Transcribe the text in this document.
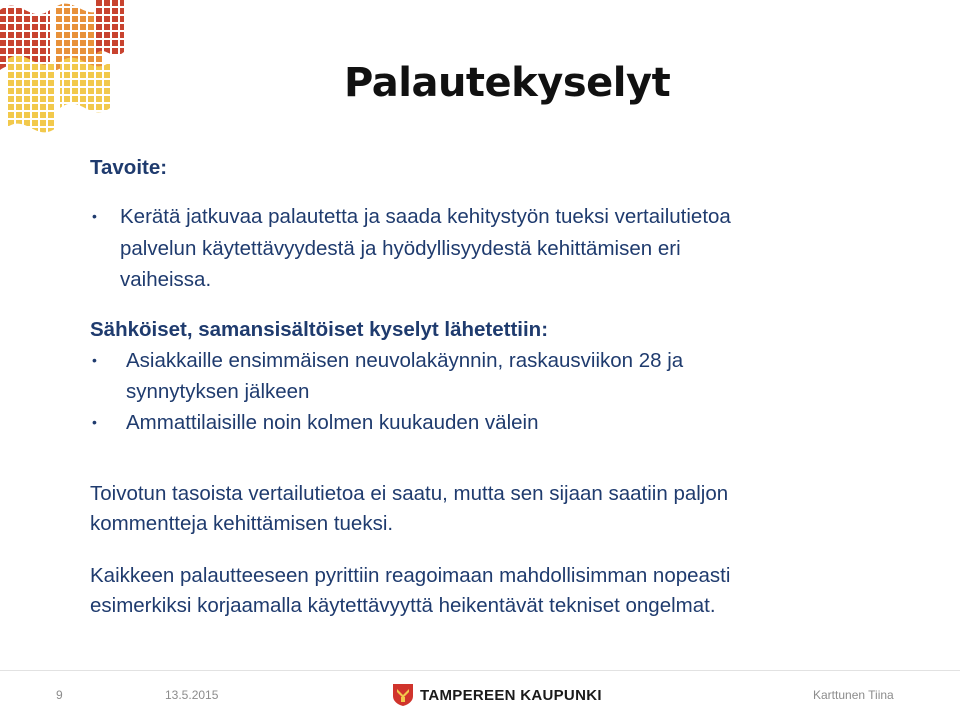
Palautekyselyt
Tavoite:
• Kerätä jatkuvaa palautetta ja saada kehitystyön tueksi vertailutietoa
palvelun käytettävyydestä ja hyödyllisyydestä kehittämisen eri
vaiheissa.
Sähköiset, samansisältöiset kyselyt lähetettiin:
• Asiakkaille ensimmäisen neuvolakäynnin, raskausviikon 28 ja
synnytyksen jälkeen
• Ammattilaisille noin kolmen kuukauden välein
Toivotun tasoista vertailutietoa ei saatu, mutta sen sijaan saatiin paljon
kommentteja kehittämisen tueksi.
Kaikkeen palautteeseen pyrittiin reagoimaan mahdollisimman nopeasti
esimerkiksi korjaamalla käytettävyyttä heikentävät tekniset ongelmat.
9	13.5.2015	TAMPEREEN KAUPUNKI	Karttunen Tiina
